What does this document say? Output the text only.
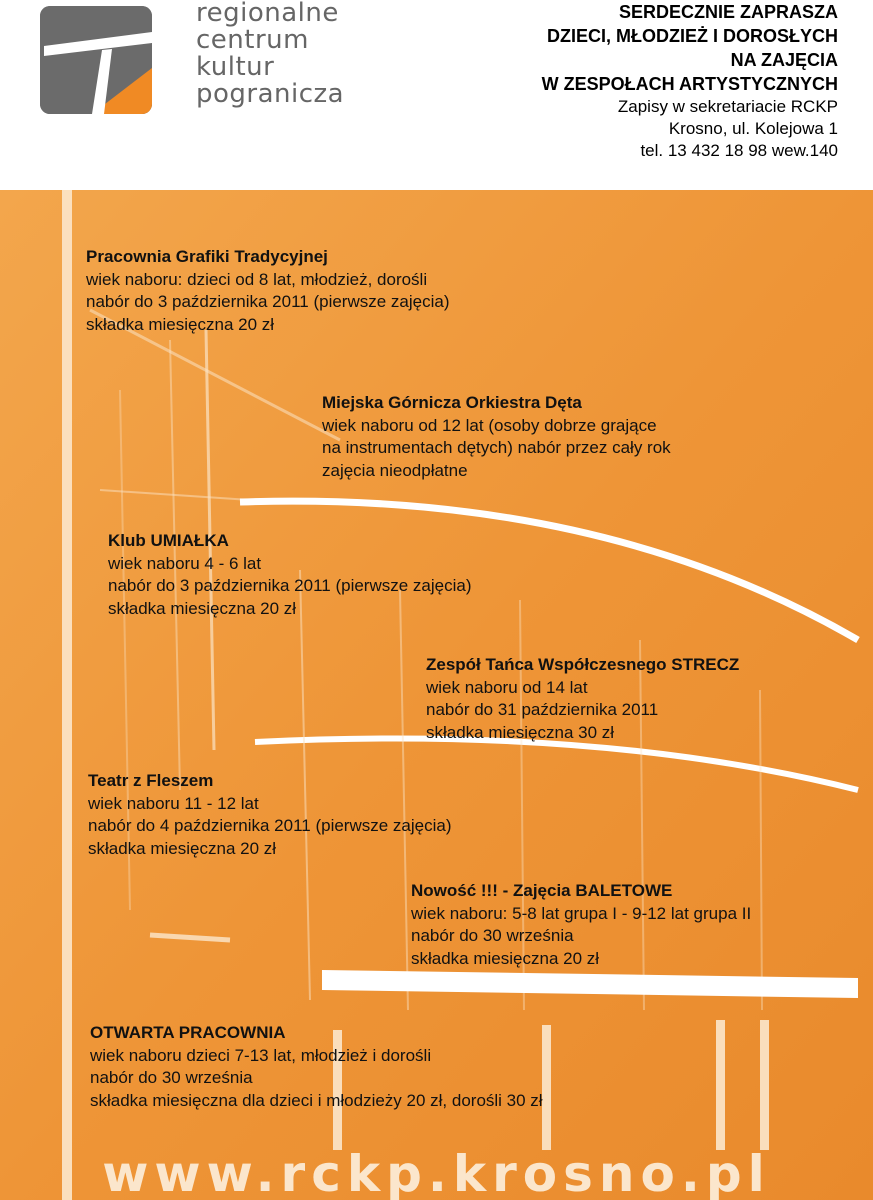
regionalne
centrum
kultur
pogranicza
SERDECZNIE ZAPRASZA
DZIECI, MŁODZIEŻ I DOROSŁYCH
NA ZAJĘCIA
W ZESPOŁACH ARTYSTYCZNYCH
Zapisy w sekretariacie RCKP
Krosno, ul. Kolejowa 1
tel. 13 432 18 98 wew.140
Pracownia Grafiki Tradycyjnej
wiek naboru: dzieci od 8 lat, młodzież, dorośli
nabór do 3 października 2011 (pierwsze zajęcia)
składka miesięczna 20 zł
Miejska Górnicza Orkiestra Dęta
wiek naboru od 12 lat (osoby dobrze grające
na instrumentach dętych) nabór przez cały rok
zajęcia nieodpłatne
Klub UMIAŁKA
wiek naboru 4 - 6 lat
nabór do 3 października 2011 (pierwsze zajęcia)
składka miesięczna 20 zł
Zespół Tańca Współczesnego STRECZ
wiek naboru od 14 lat
nabór do 31 października 2011
składka miesięczna 30 zł
Teatr z Fleszem
wiek naboru 11 - 12 lat
nabór do 4 października 2011 (pierwsze zajęcia)
składka miesięczna 20 zł
Nowość !!! - Zajęcia BALETOWE
wiek naboru: 5-8 lat grupa I - 9-12 lat grupa II
nabór do 30 września
składka miesięczna 20 zł
OTWARTA PRACOWNIA
wiek naboru dzieci 7-13 lat, młodzież i dorośli
nabór do 30 września
składka miesięczna dla dzieci i młodzieży 20 zł, dorośli 30 zł
www.rckp.krosno.pl
